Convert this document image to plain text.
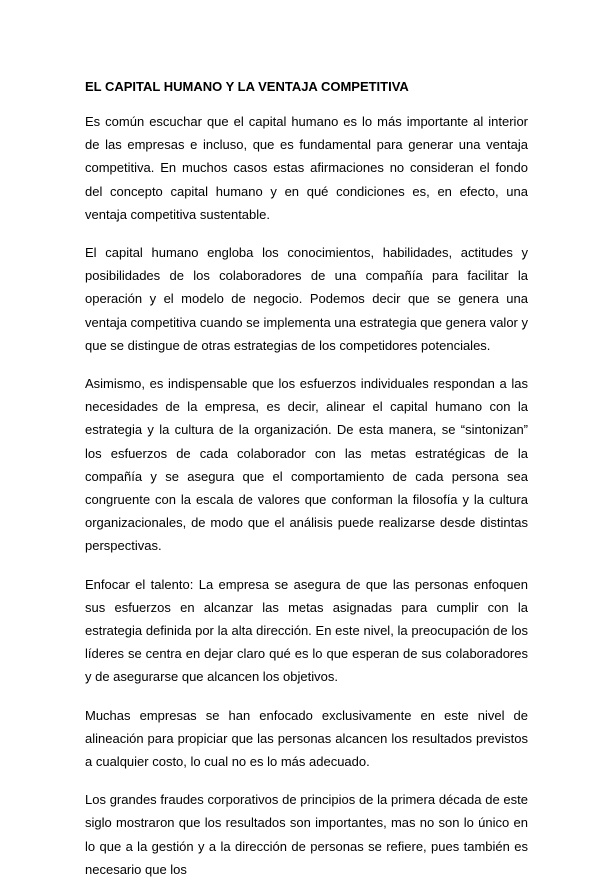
EL CAPITAL HUMANO Y LA VENTAJA COMPETITIVA

Es común escuchar que el capital humano es lo más importante al interior de las empresas e incluso, que es fundamental para generar una ventaja competitiva. En muchos casos estas afirmaciones no consideran el fondo del concepto capital humano y en qué condiciones es, en efecto, una ventaja competitiva sustentable.

El capital humano engloba los conocimientos, habilidades, actitudes y posibilidades de los colaboradores de una compañía para facilitar la operación y el modelo de negocio. Podemos decir que se genera una ventaja competitiva cuando se implementa una estrategia que genera valor y que se distingue de otras estrategias de los competidores potenciales.

Asimismo, es indispensable que los esfuerzos individuales respondan a las necesidades de la empresa, es decir, alinear el capital humano con la estrategia y la cultura de la organización. De esta manera, se “sintonizan” los esfuerzos de cada colaborador con las metas estratégicas de la compañía y se asegura que el comportamiento de cada persona sea congruente con la escala de valores que conforman la filosofía y la cultura organizacionales, de modo que el análisis puede realizarse desde distintas perspectivas.

Enfocar el talento: La empresa se asegura de que las personas enfoquen sus esfuerzos en alcanzar las metas asignadas para cumplir con la estrategia definida por la alta dirección. En este nivel, la preocupación de los líderes se centra en dejar claro qué es lo que esperan de sus colaboradores y de asegurarse que alcancen los objetivos.

Muchas empresas se han enfocado exclusivamente en este nivel de alineación para propiciar que las personas alcancen los resultados previstos a cualquier costo, lo cual no es lo más adecuado.

Los grandes fraudes corporativos de principios de la primera década de este siglo mostraron que los resultados son importantes, mas no son lo único en lo que a la gestión y a la dirección de personas se refiere, pues también es necesario que los
